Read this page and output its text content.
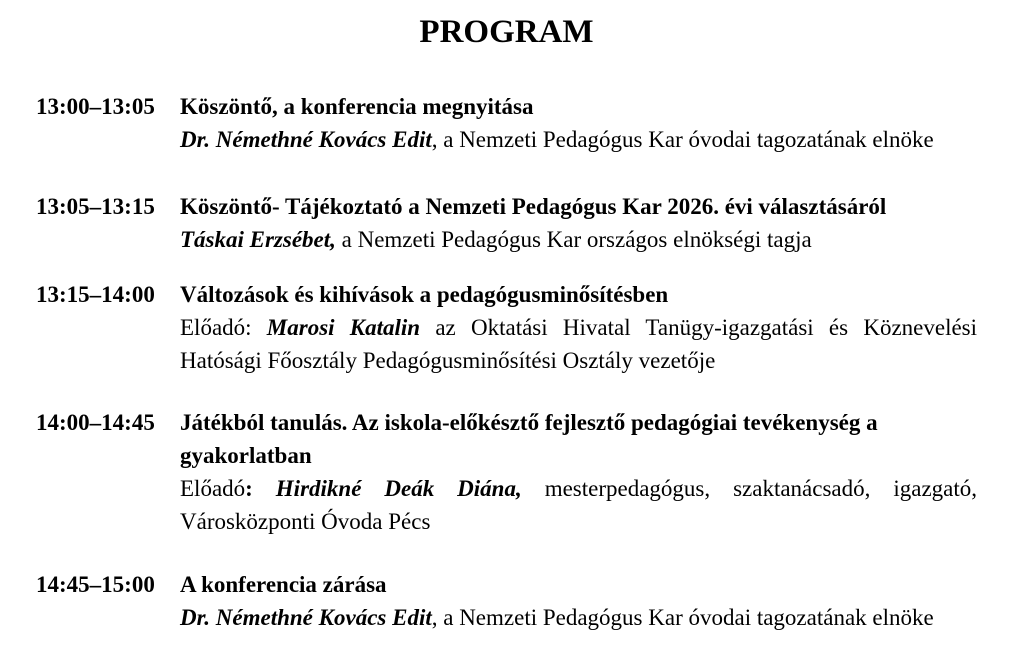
PROGRAM
13:00–13:05	Köszöntő, a konferencia megnyitása
Dr. Némethné Kovács Edit, a Nemzeti Pedagógus Kar óvodai tagozatának elnöke
13:05–13:15	Köszöntő- Tájékoztató a Nemzeti Pedagógus Kar 2026. évi választásáról
Táskai Erzsébet, a Nemzeti Pedagógus Kar országos elnökségi tagja
13:15–14:00	Változások és kihívások a pedagógusminősítésben
Előadó: Marosi Katalin az Oktatási Hivatal Tanügy-igazgatási és Köznevelési Hatósági Főosztály Pedagógusminősítési Osztály vezetője
14:00–14:45	Játékból tanulás. Az iskola-előkésztő fejlesztő pedagógiai tevékenység a gyakorlatban
Előadó: Hirdikné Deák Diána, mesterpedagógus, szaktanácsadó, igazgató, Városközponti Óvoda Pécs
14:45–15:00	A konferencia zárása
Dr. Némethné Kovács Edit, a Nemzeti Pedagógus Kar óvodai tagozatának elnöke
